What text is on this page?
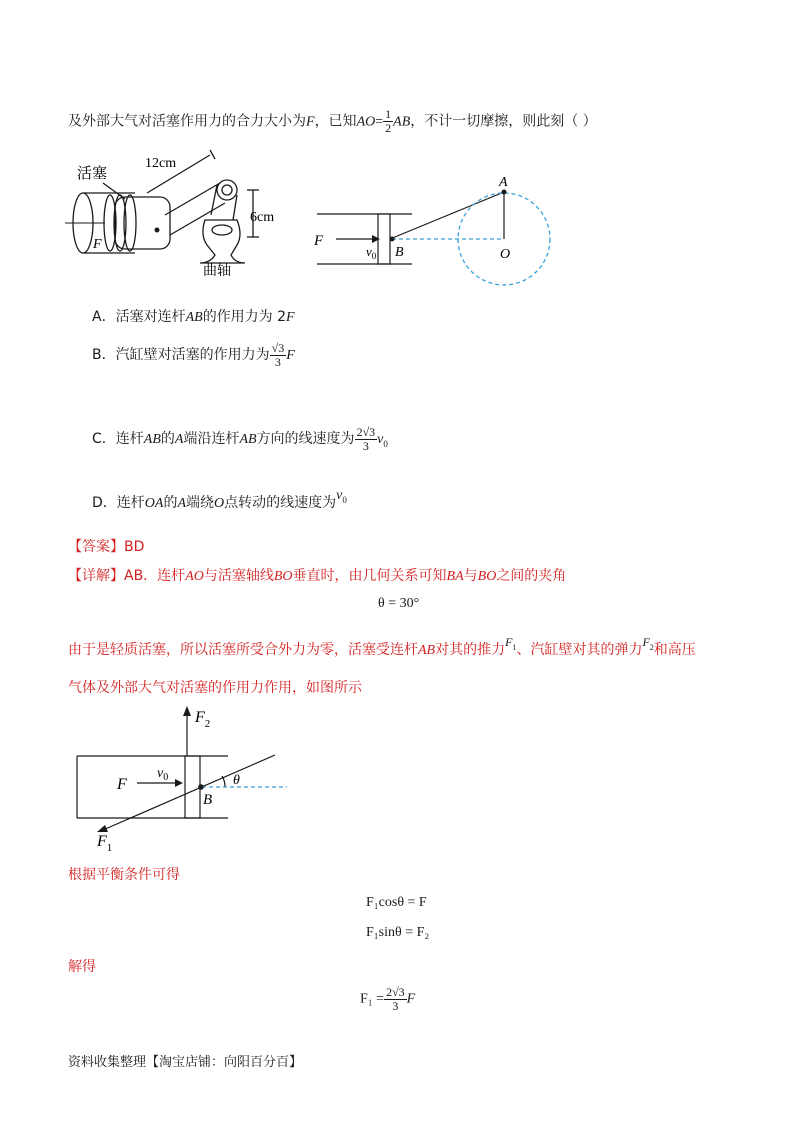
及外部大气对活塞作用力的合力大小为F，已知$AO= \frac{1}{2}$ AB，不计一切摩擦，则此刻（ ）
活塞
12cm
6cm
曲轴
F	F
$v_0$ B
A
O
A．活塞对连杆AB的作用力为 2F
B．汽缸壁对活塞的作用力为 $\frac{√3}{3}$ F
C．连杆AB的A端沿连杆AB方向的线速度为 $\frac{2√3}{3} v_0$
D．连杆OA的A端绕O点转动的线速度为$v_0$
【答案】BD
【详解】AB．连杆AO与活塞轴线BO垂直时，由几何关系可知BA与BO之间的夹角
θ = 30°
由于是轻质活塞，所以活塞所受合外力为零，活塞受连杆AB对其的推力$F_1$、汽缸壁对其的弹力$F_2$和高压
气体及外部大气对活塞的作用力作用，如图所示
$F_2$
F
$v_0$	θ
B
$F_1$
根据平衡条件可得
F₁cosθ = F
F₁sinθ = F₂
解得
$F_1 = \frac{2√3}{3}$ F
资料收集整理【淘宝店铺：向阳百分百】
